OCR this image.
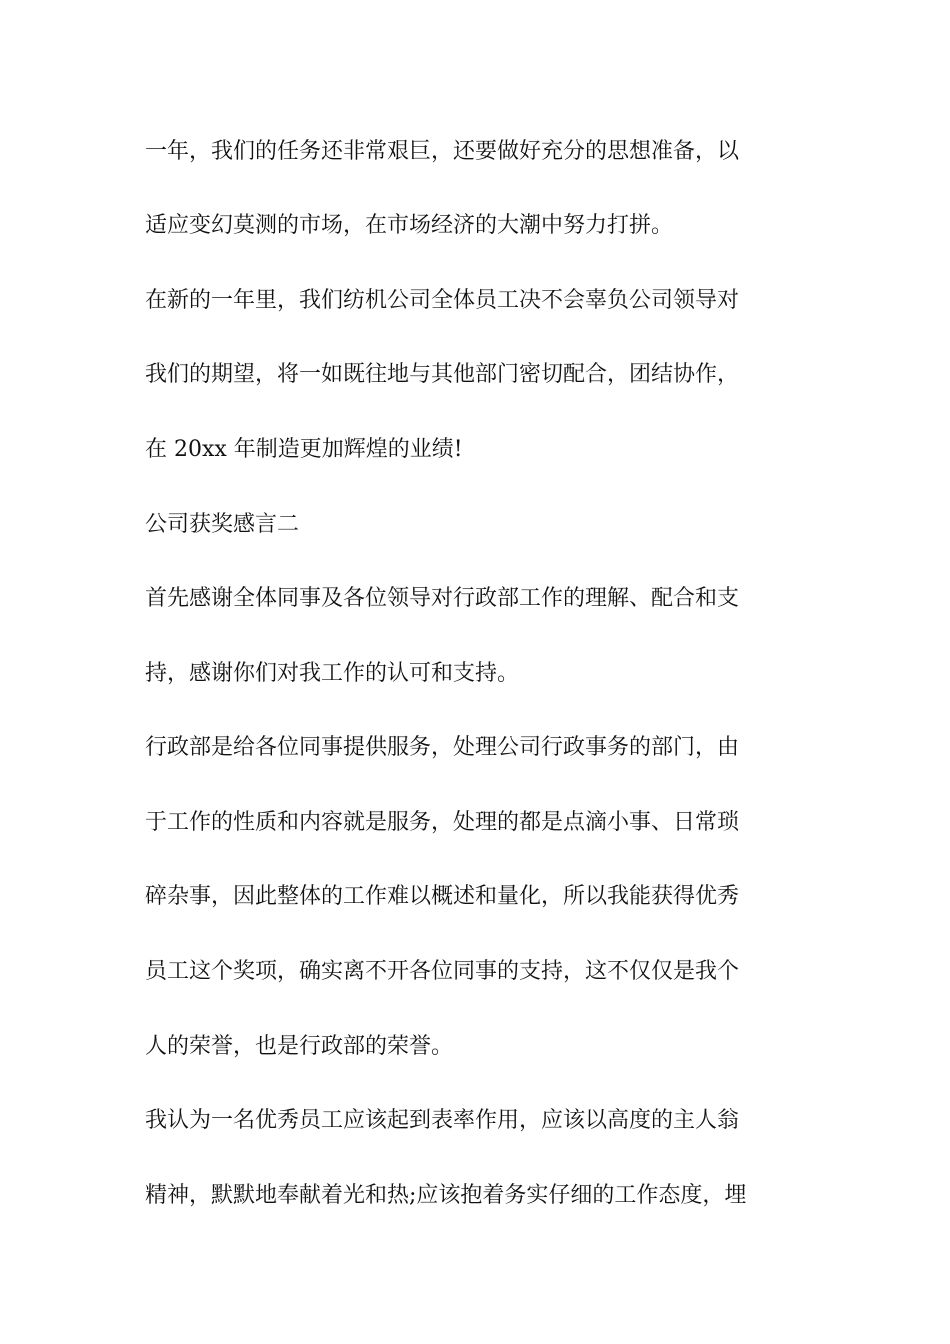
一年，我们的任务还非常艰巨，还要做好充分的思想准备，以

适应变幻莫测的市场，在市场经济的大潮中努力打拼。

在新的一年里，我们纺机公司全体员工决不会辜负公司领导对

我们的期望，将一如既往地与其他部门密切配合，团结协作，

在 20xx 年制造更加辉煌的业绩!

公司获奖感言二

首先感谢全体同事及各位领导对行政部工作的理解、配合和支

持，感谢你们对我工作的认可和支持。

行政部是给各位同事提供服务，处理公司行政事务的部门，由

于工作的性质和内容就是服务，处理的都是点滴小事、日常琐

碎杂事，因此整体的工作难以概述和量化，所以我能获得优秀

员工这个奖项，确实离不开各位同事的支持，这不仅仅是我个

人的荣誉，也是行政部的荣誉。

我认为一名优秀员工应该起到表率作用，应该以高度的主人翁

精神，默默地奉献着光和热;应该抱着务实仔细的工作态度，埋
